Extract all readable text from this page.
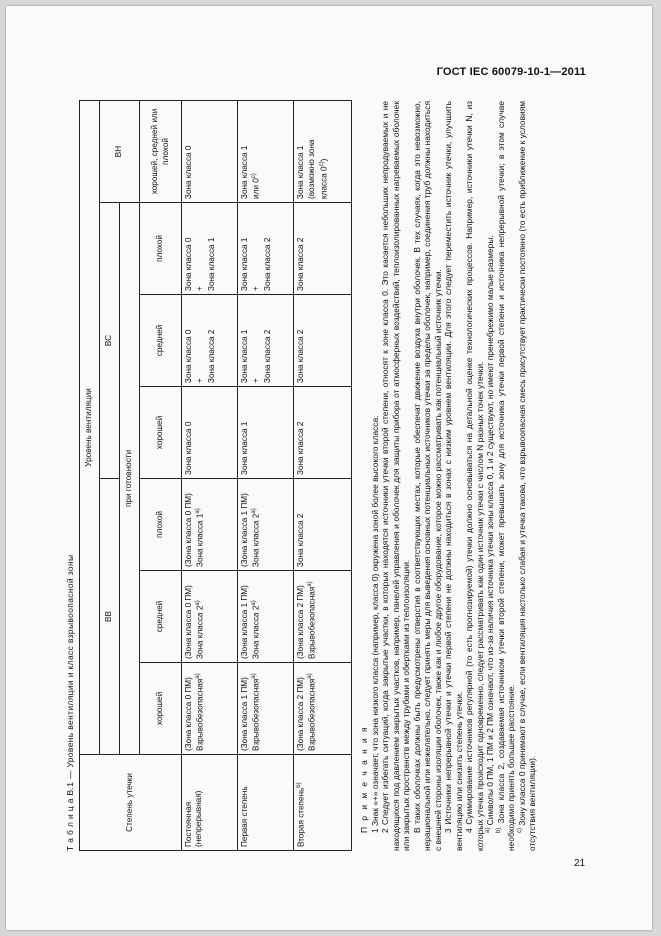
ГОСТ IEC 60079-10-1—2011
Т а б л и ц а В.1 — Уровень вентиляции и класс взрывоопасной зоны	Степень утечки	Уровень вентиляции						
	ВВ			ВС			ВН
	при готовности						
	хорошей	средней	плохой	хорошей	средней	плохой	хорошей, средней или плохой
Постоянная (непрерывная)	(Зона класса 0 ПМ) Взрывобезопасная$^{a)}$	(Зона класса 0 ПМ) Зона класса 2$^{a)}$	(Зона класса 0 ПМ) Зона класса 1$^{a)}$	Зона класса 0	Зона класса 0 + Зона класса 2	Зона класса 0 + Зона класса 1	Зона класса 0

Первая степень	(Зона класса 1 ПМ) Взрывобезопасная$^{a)}$	(Зона класса 1 ПМ) Зона класса 2$^{a)}$	(Зона класса 1 ПМ) Зона класса 2$^{a)}$	Зона класса 1	Зона класса 1 + Зона класса 2	Зона класса 1 + Зона класса 2	Зона класса 1 или 0$^{c)}$

Вторая степень$^{b)}$	(Зона класса 2 ПМ) Взрывобезопасная$^{a)}$	(Зона класса 2 ПМ) Взрывобезопасная$^{a)}$	Зона класса 2	Зона класса 2	Зона класса 2	Зона класса 2	Зона класса 1 (возможно зона класса 0$^{c)}$)

П р и м е ч а н и я 1 Знак «+» означает, что зона низкого класса (например, класса 0) окружена зоной более высокого класса. 2 Следует избегать ситуаций, когда закрытые участки, в которых находятся источники утечки второй степени, относят к зоне класса 0. Это касается небольших непродуваемых и не находящихся под давлением закрытых участков, например, панелей управления и оболочек для защиты прибора от атмосферных воздействий, теплоизолированных нагреваемых оболочек или закрытых пространств между трубами и обертками из теплоизоляции. В таких оболочках должны быть предусмотрены отверстия в соответствующих местах, которые обеспечат движение воздуха внутри оболочек. В тех случаях, когда это невозможно, нерациональной или нежелательно, следует принять меры для выведения основных потенциальных источников утечки за пределы оболочек, например, соединения труб должны находиться с внешней стороны изоляции оболочек, также как и любое другое оборудование, которое можно рассматривать как потенциальный источник утечки. 3 Источники непрерывной утечки и утечки первой степени не должны находиться в зонах с низким уровнем вентиляции. Для этого следует переместить источник утечки, улучшить вентиляцию или снизить степень утечки. 4 Суммирование источников регулярной (то есть прогнозируемой) утечки должно основываться на детальной оценке технологических процессов. Например, источники утечки N, из которых утечка происходит одновременно, следует рассматривать как один источник утечки с числом N разных точек утечки. $^{a)}$ Символы 0 ПМ, 1 ПМ и 2 ПМ означают, что из-за наличия источника утечки зоны класса 0, 1 и 2 существуют, но имеют пренебрежимо малые размеры.

$^{b)}$ Зона класса 2, создаваемая источником утечки второй степени, может превышать зону для источника утечки первой степени и источника непрерывной утечки; в этом случае необходимо принять большее расстояние. $^{c)}$ Зону класса 0 принимают в случае, если вентиляция настолько слабая и утечка такова, что взрывоопасная смесь присутствует практически постоянно (то есть приближение к условиям отсутствия вентиляции).

21
